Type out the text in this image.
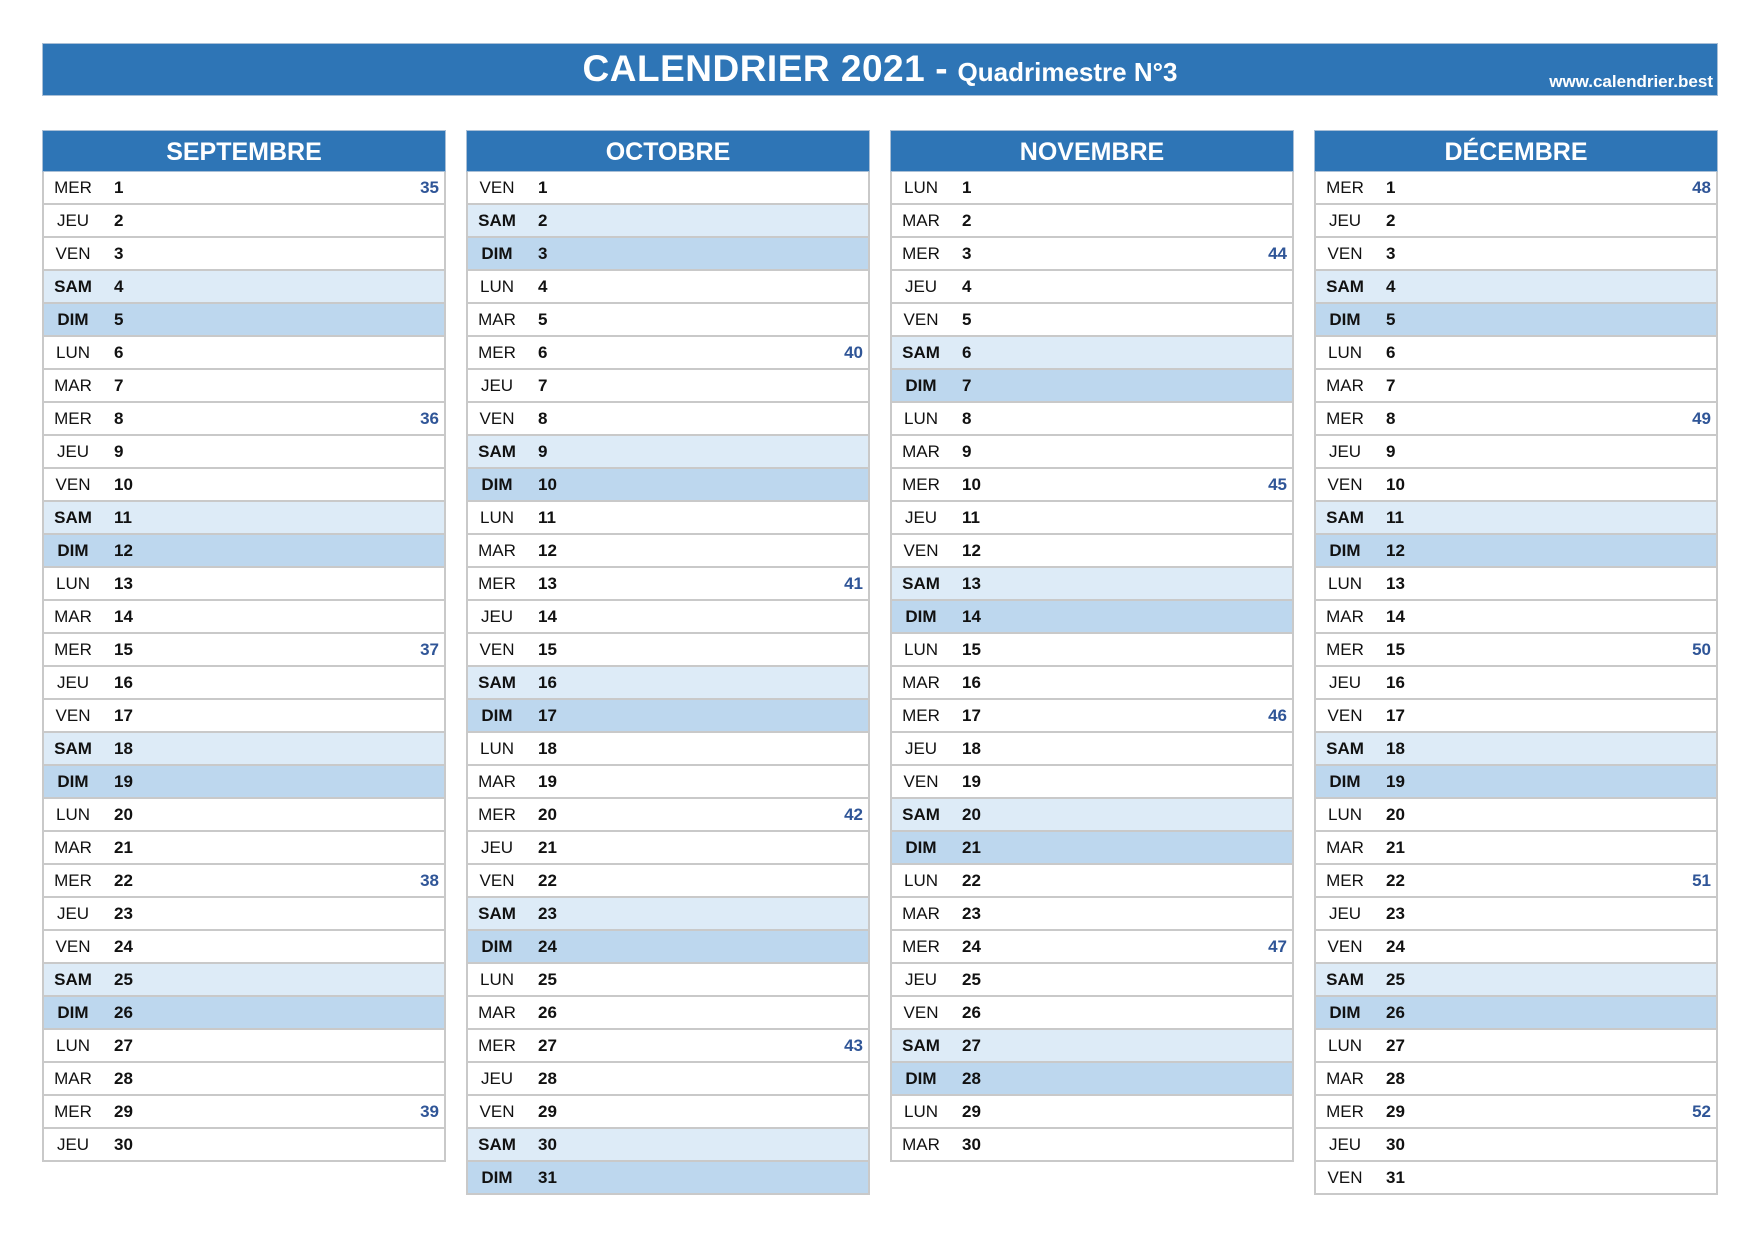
CALENDRIER 2021 - Quadrimestre N°3	www.calendrier.best
SEPTEMBRE
MER	1	35
JEU	2
VEN	3
SAM	4
DIM	5
LUN	6
MAR	7
MER	8	36
JEU	9
VEN	10
SAM	11
DIM	12
LUN	13
MAR	14
MER	15	37
JEU	16
VEN	17
SAM	18
DIM	19
LUN	20
MAR	21
MER	22	38
JEU	23
VEN	24
SAM	25
DIM	26
LUN	27
MAR	28
MER	29	39
JEU	30
OCTOBRE
VEN	1
SAM	2
DIM	3
LUN	4
MAR	5
MER	6	40
JEU	7
VEN	8
SAM	9
DIM	10
LUN	11
MAR	12
MER	13	41
JEU	14
VEN	15
SAM	16
DIM	17
LUN	18
MAR	19
MER	20	42
JEU	21
VEN	22
SAM	23
DIM	24
LUN	25
MAR	26
MER	27	43
JEU	28
VEN	29
SAM	30
DIM	31
NOVEMBRE
LUN	1
MAR	2
MER	3	44
JEU	4
VEN	5
SAM	6
DIM	7
LUN	8
MAR	9
MER	10	45
JEU	11
VEN	12
SAM	13
DIM	14
LUN	15
MAR	16
MER	17	46
JEU	18
VEN	19
SAM	20
DIM	21
LUN	22
MAR	23
MER	24	47
JEU	25
VEN	26
SAM	27
DIM	28
LUN	29
MAR	30
DÉCEMBRE
MER	1	48
JEU	2
VEN	3
SAM	4
DIM	5
LUN	6
MAR	7
MER	8	49
JEU	9
VEN	10
SAM	11
DIM	12
LUN	13
MAR	14
MER	15	50
JEU	16
VEN	17
SAM	18
DIM	19
LUN	20
MAR	21
MER	22	51
JEU	23
VEN	24
SAM	25
DIM	26
LUN	27
MAR	28
MER	29	52
JEU	30
VEN	31
